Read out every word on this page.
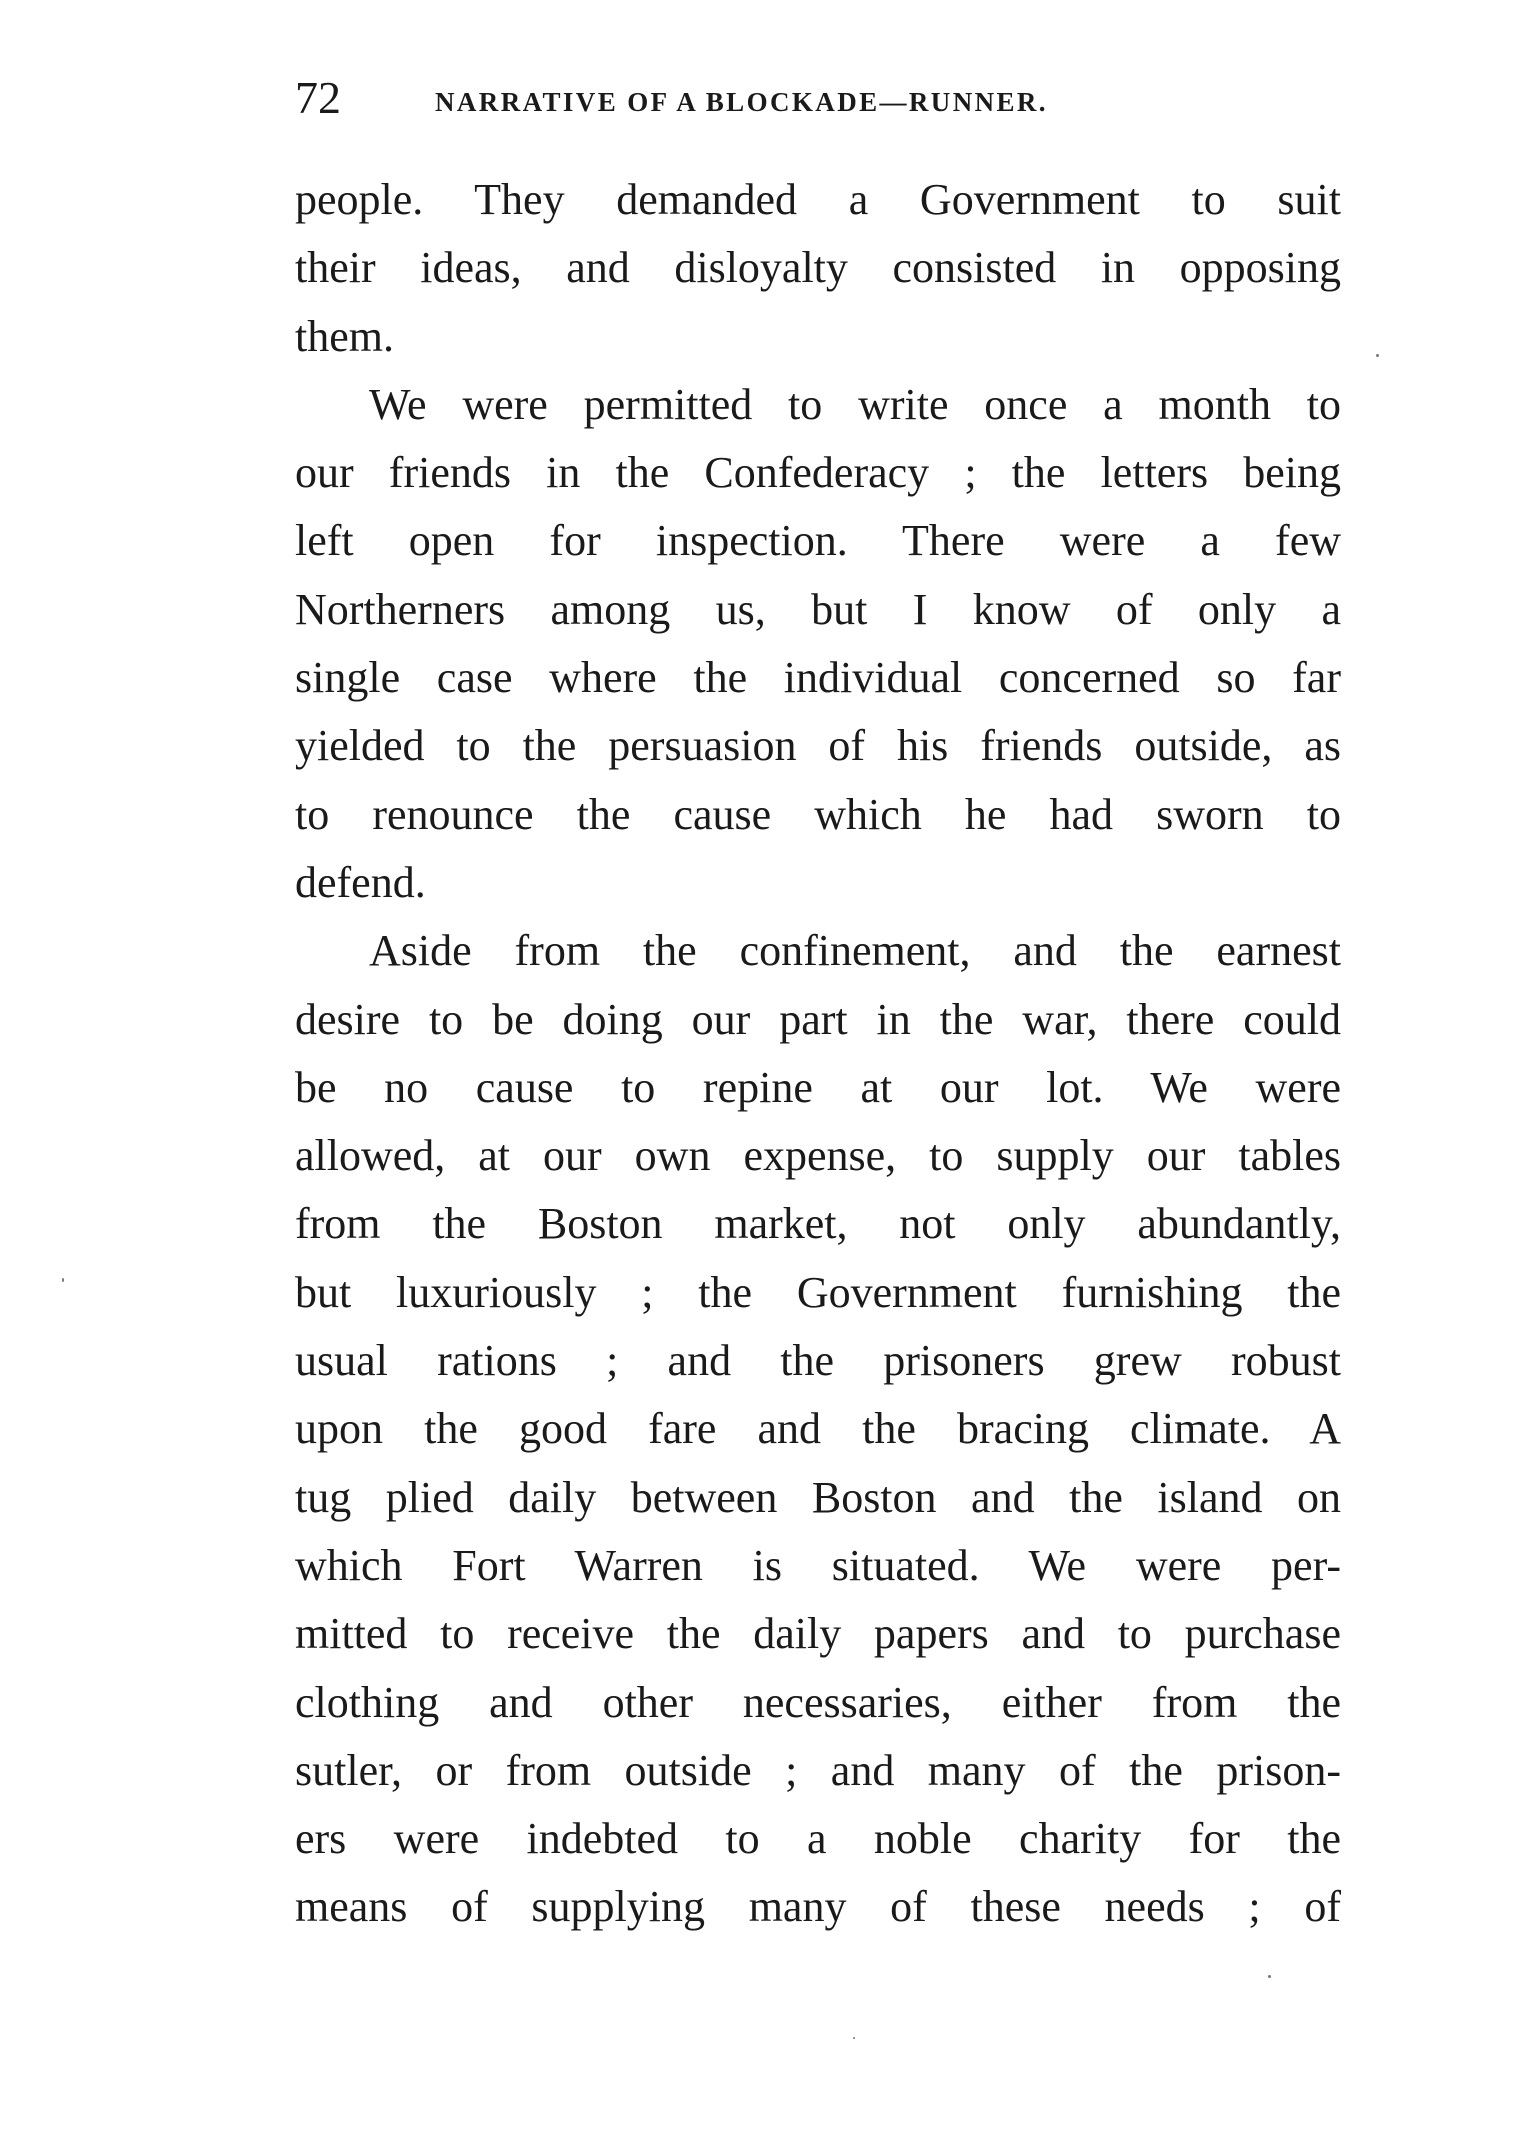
72	NARRATIVE OF A BLOCKADE—RUNNER.
people. They demanded a Government to suit
their ideas, and disloyalty consisted in opposing
them.
We were permitted to write once a month to
our friends in the Confederacy ; the letters being
left open for inspection. There were a few
Northerners among us, but I know of only a
single case where the individual concerned so far
yielded to the persuasion of his friends outside, as
to renounce the cause which he had sworn to
defend.
Aside from the confinement, and the earnest
desire to be doing our part in the war, there could
be no cause to repine at our lot. We were
allowed, at our own expense, to supply our tables
from the Boston market, not only abundantly,
but luxuriously ; the Government furnishing the
usual rations ; and the prisoners grew robust
upon the good fare and the bracing climate. A
tug plied daily between Boston and the island on
which Fort Warren is situated. We were per-
mitted to receive the daily papers and to purchase
clothing and other necessaries, either from the
sutler, or from outside ; and many of the prison-
ers were indebted to a noble charity for the
means of supplying many of these needs ; of
